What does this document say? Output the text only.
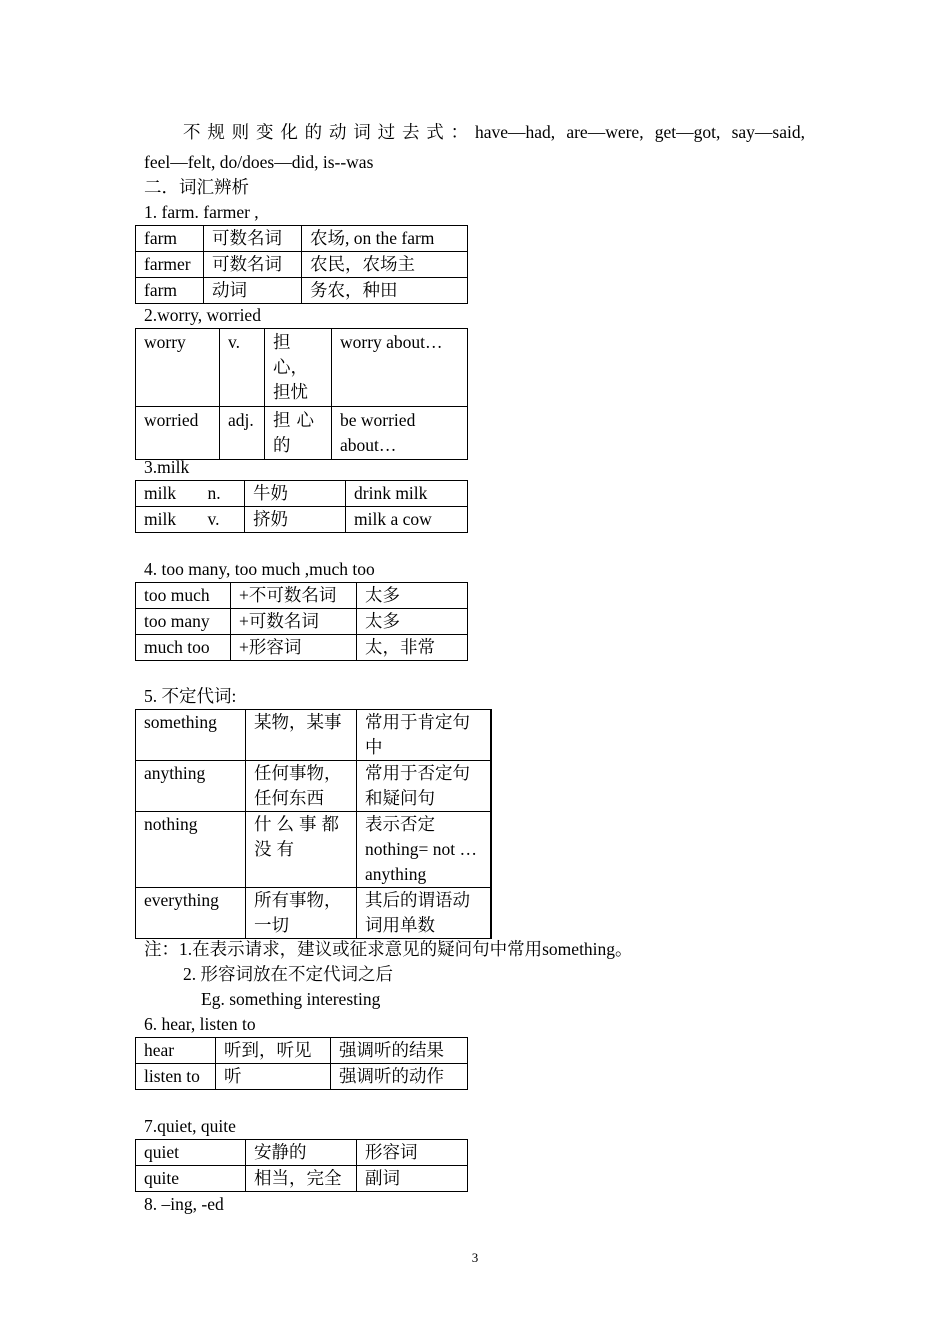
不规则变化的动词过去式：have—had, are—were, get—got, say—said,
feel—felt, do/does—did, is--was
二．词汇辨析
1. farm. farmer ,
farm	可数名词	农场, on the farm
farmer	可数名词	农民，农场主
farm	动词	务农，种田
2.worry, worried
worry	v.	担心，担忧	worry about…
worried	adj.	担心的	be worried about…
3.milk
milk	n.	牛奶	drink milk
milk	v.	挤奶	milk a cow
4. too many, too much ,much too
too much	+不可数名词	太多
too many	+可数名词	太多
much too	+形容词	太，非常
5. 不定代词:
something	某物，某事	常用于肯定句中
anything	任何事物，任何东西	常用于否定句和疑问句
nothing	什么事都没有	表示否定 nothing= not …anything
everything	所有事物，一切	其后的谓语动词用单数
注：1.在表示请求，建议或征求意见的疑问句中常用something。
2. 形容词放在不定代词之后
Eg. something interesting
6. hear, listen to
hear	听到，听见	强调听的结果
listen to	听	强调听的动作
7.quiet, quite
quiet	安静的	形容词
quite	相当，完全	副词
8. –ing, -ed
3
